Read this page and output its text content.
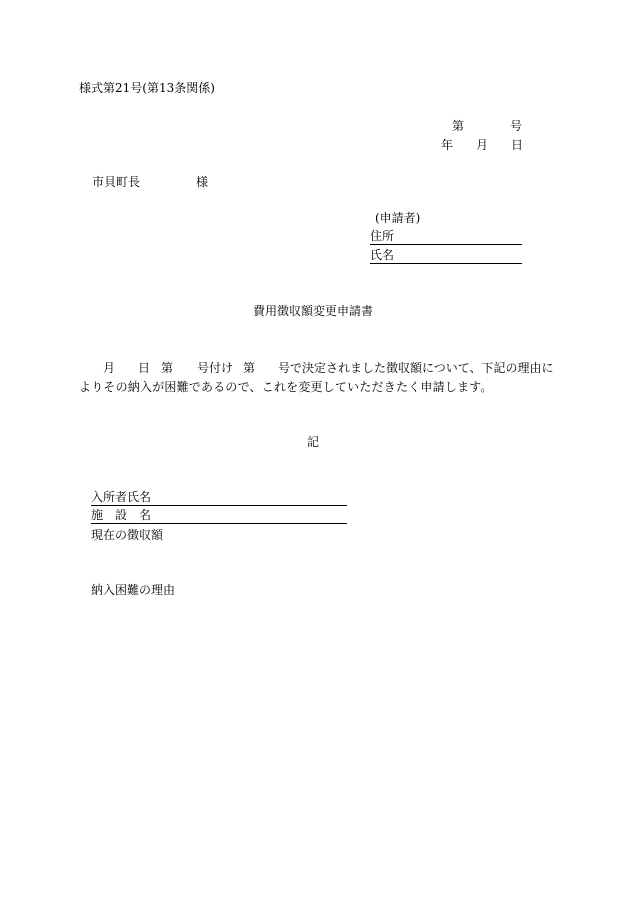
様式第21号(第13条関係)
第	号
年 月 日
市貝町長	様
(申請者)
住所
氏名
費用徴収額変更申請書
月 日 第 号付け 第 号で決定されました徴収額について、下記の理由に
よりその納入が困難であるので、これを変更していただきたく申請します。
記
入所者氏名
施　設　名
現在の徴収額
納入困難の理由
